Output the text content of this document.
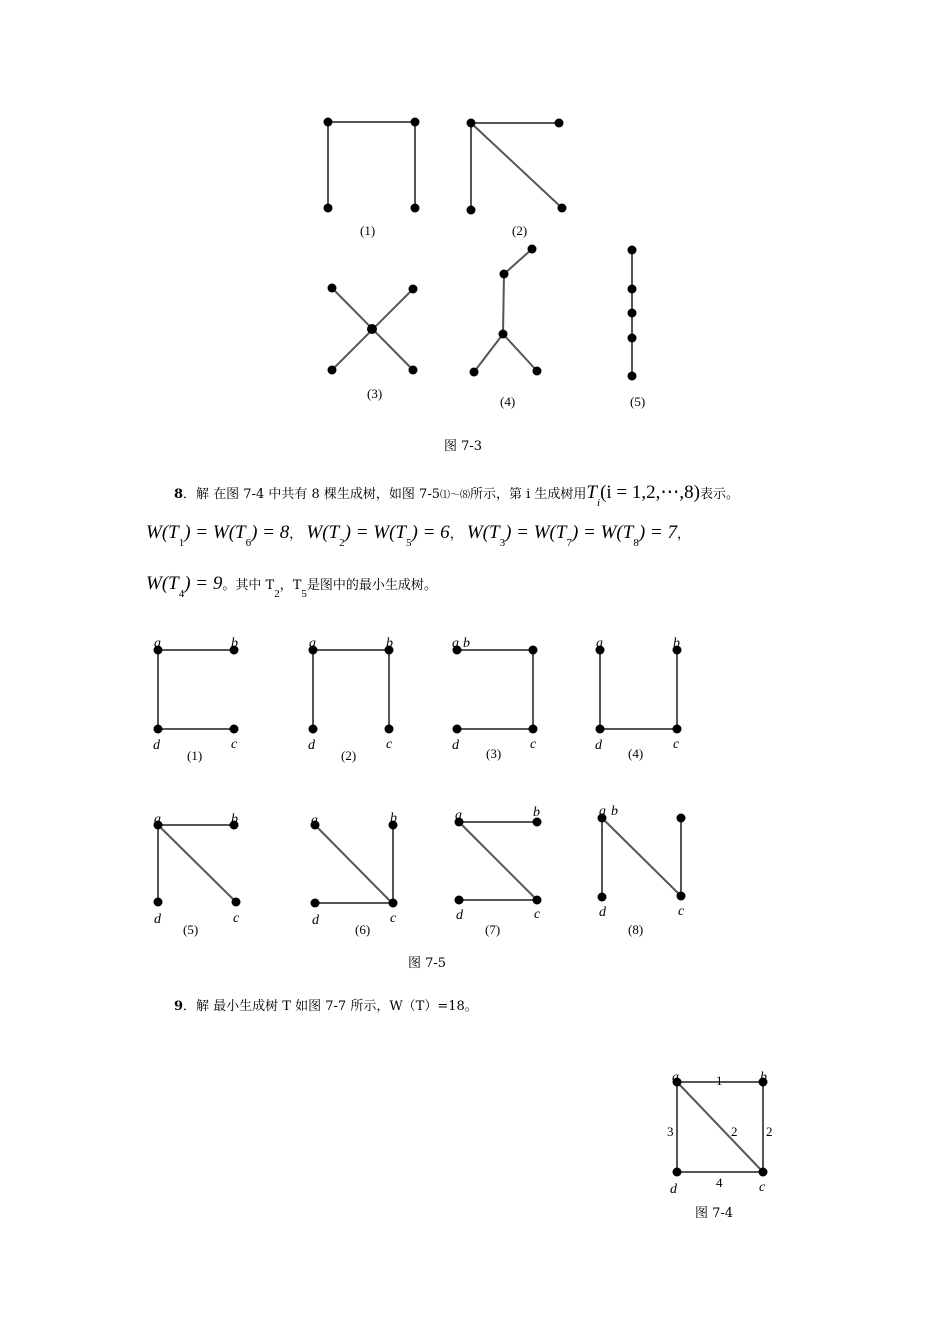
(1)	(2)
(3)
(4)	(5)
图 7-3
a	b
d	c
a	b
d	c
a b
d	c
a	b
d	c
a	b
d	c
a	b
d	c
a	b
d	c
a b
d	c
(1)	(2)	(3)	(4)
(5)	(6)	(7)	(8)
图 7-5
a	b
d	c
1
3	2 2
4
图 7-4
8．解 在图 7-4 中共有 8 棵生成树，如图 7-5⑴～⑻所示，第 i 生成树用$T_i(i$ = 1,2,⋯,8)表示。
$W(T_1) = W(T_6) = 8$， $W(T_2) = W(T_5) = 6$， $W(T_3) = W(T_7) = W(T_8) = 7$，
$W(T_4) = 9$。其中 $T_2$，$T_5$是图中的最小生成树。
9．解 最小生成树 T 如图 7-7 所示，W（T）=18。
